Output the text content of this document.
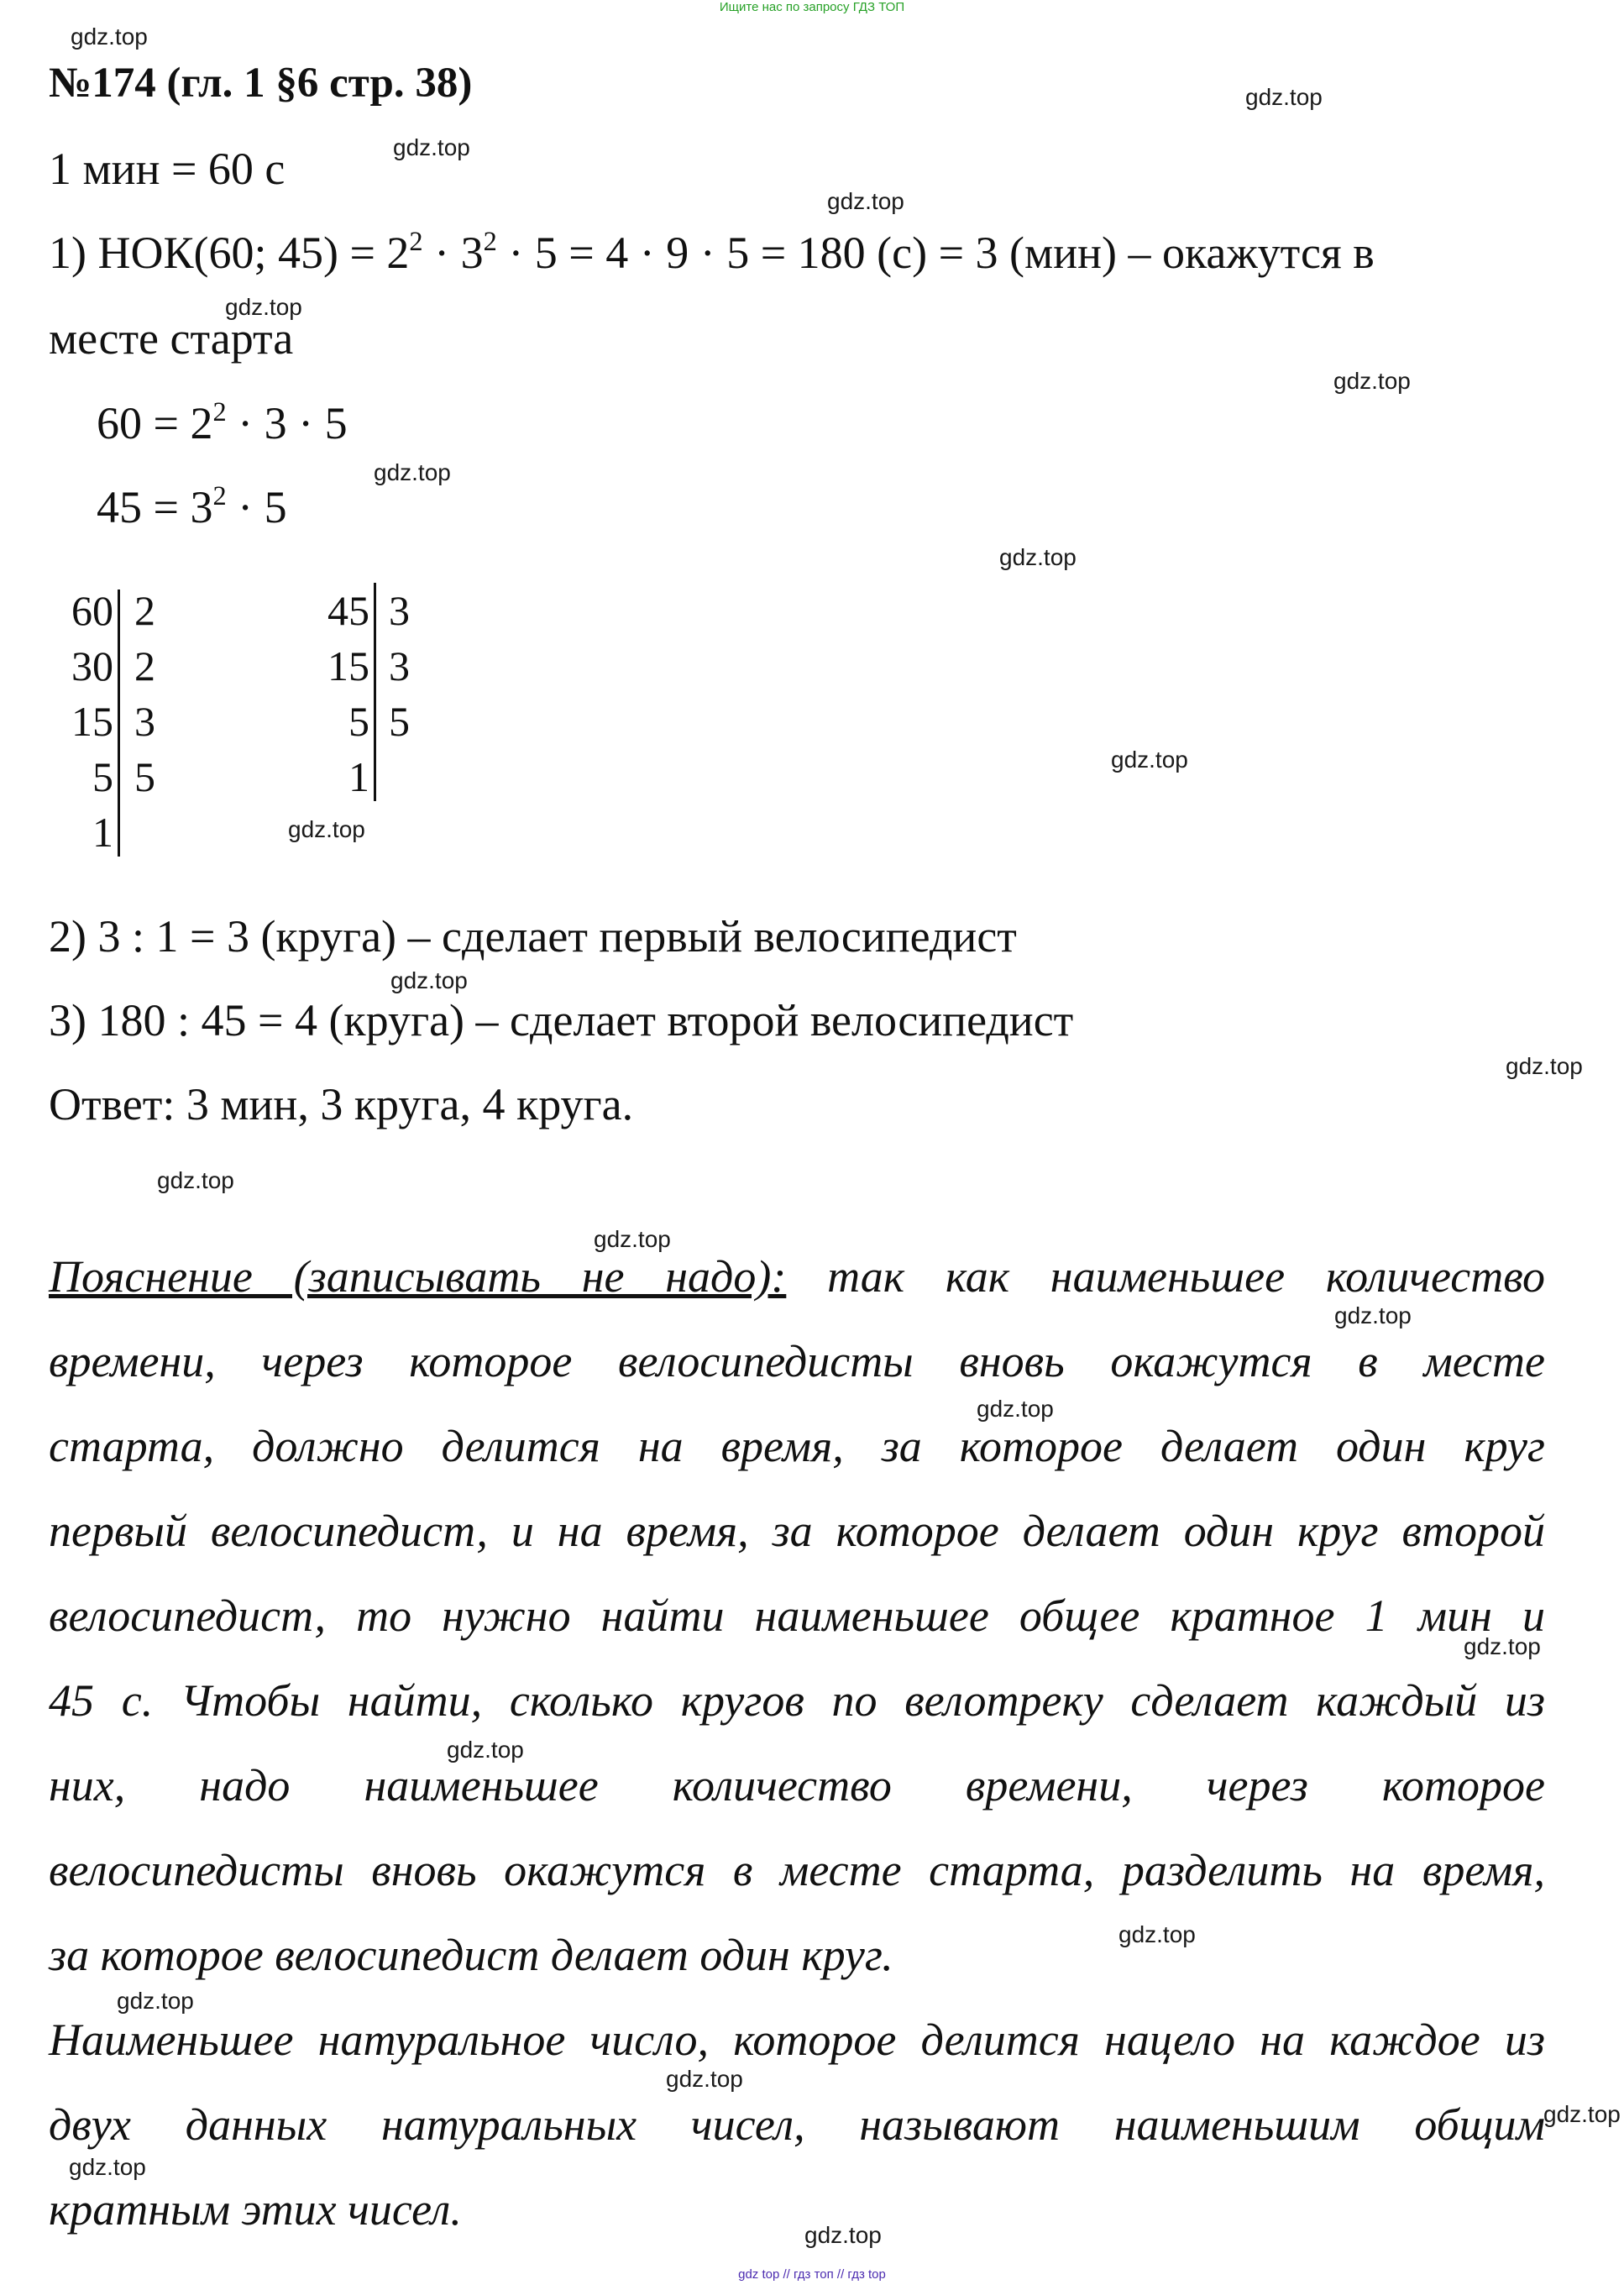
Ищите нас по запросу ГДЗ ТОП
gdz.top
gdz.top
gdz.top
gdz.top
gdz.top
gdz.top
gdz.top
gdz.top
gdz.top
gdz.top
gdz.top
gdz.top
gdz.top
gdz.top
gdz.top
gdz.top
gdz.top
gdz.top
gdz.top
gdz.top
gdz.top
gdz.top
gdz.top
gdz.top
№174 (гл. 1 §6 стр. 38)
1 мин = 60 с
1) НОК(60; $45) = 2^2 \cdot 3^2 \cdot 5 = 4 \cdot 9 \cdot 5 = 180$ (с) = 3 (мин) – окажутся в
месте старта
$60 = 2^2 \cdot 3 \cdot 5$
$45 = 3^2 \cdot 5$
60
30
15
5
1
2
2
3
5
45
15
5
1
3
3
5
2) 3 : 1 = 3 (круга) – сделает первый велосипедист
3) 180 : 45 = 4 (круга) – сделает второй велосипедист
Ответ: 3 мин, 3 круга, 4 круга.
Пояснение (записывать не надо): так как наименьшее количество
времени, через которое велосипедисты вновь окажутся в месте
старта, должно делится на время, за которое делает один круг
первый велосипедист, и на время, за которое делает один круг второй
велосипедист, то нужно найти наименьшее общее кратное 1 мин и
45 с. Чтобы найти, сколько кругов по велотреку сделает каждый из
них, надо наименьшее количество времени, через которое
велосипедисты вновь окажутся в месте старта, разделить на время,
за которое велосипедист делает один круг.
Наименьшее натуральное число, которое делится нацело на каждое из
двух данных натуральных чисел, называют наименьшим общим
кратным этих чисел.
gdz top // гдз топ // гдз top
